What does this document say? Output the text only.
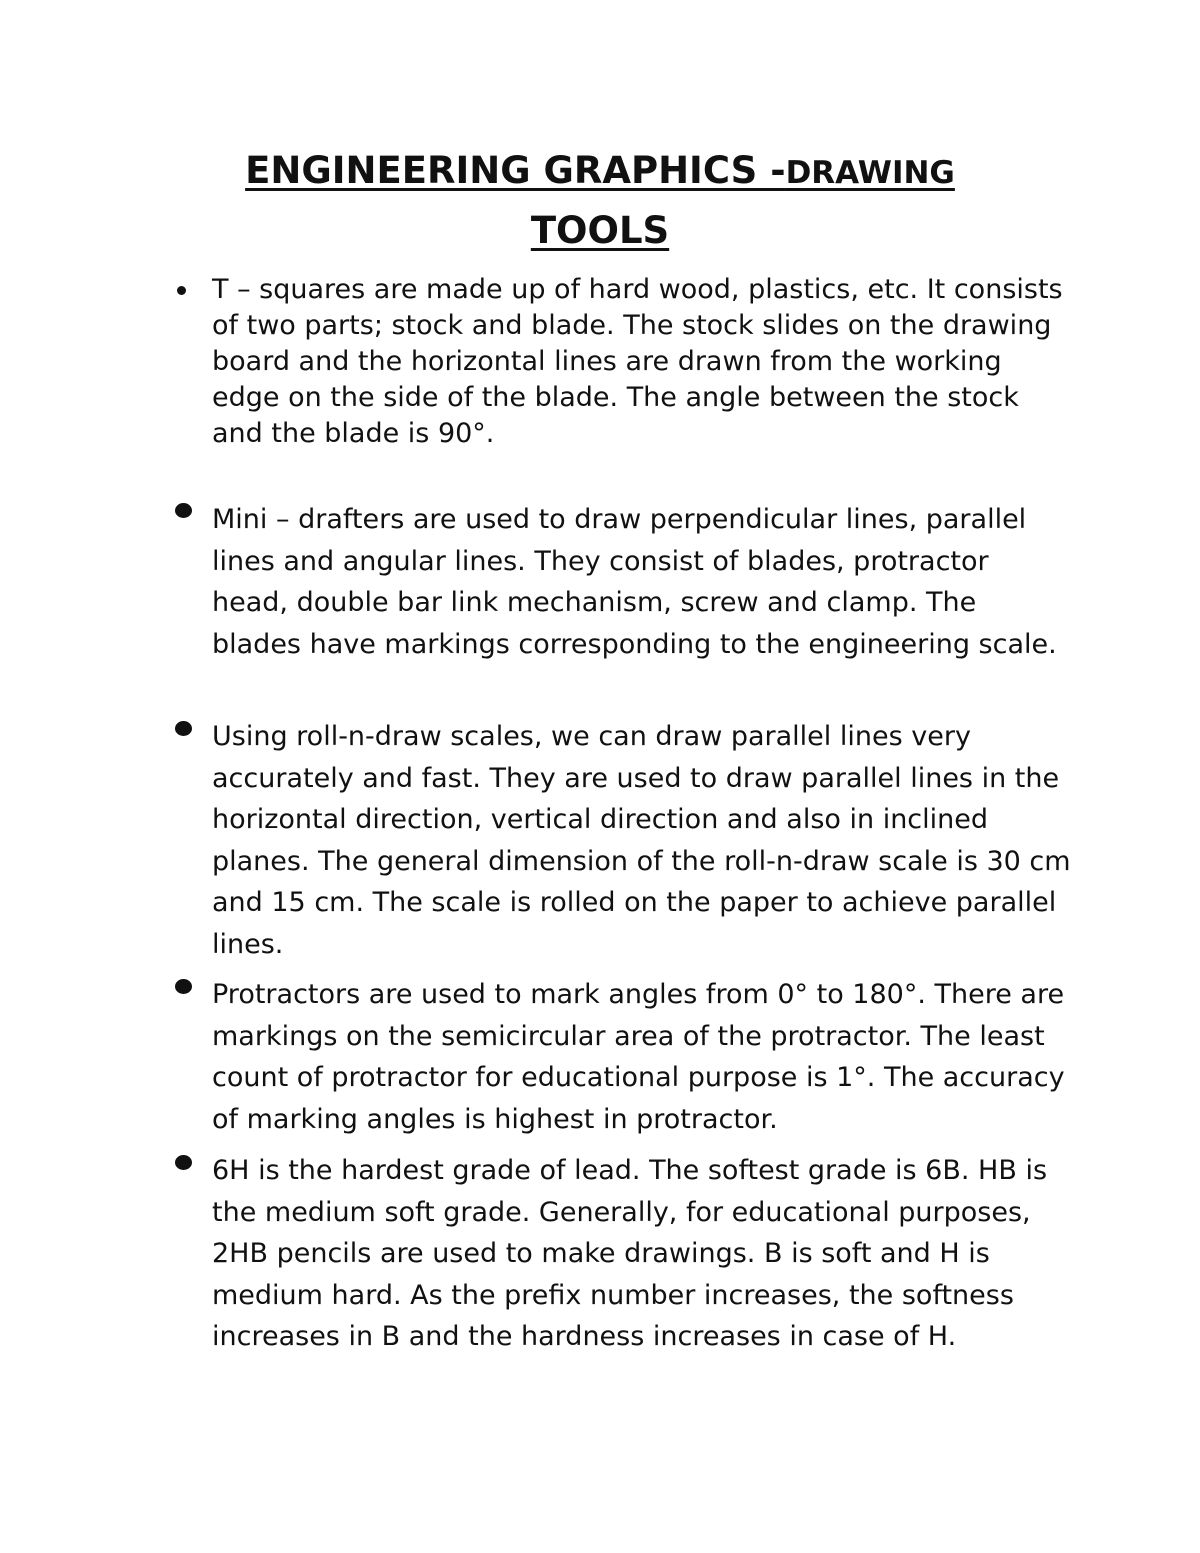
ENGINEERING GRAPHICS -DRAWING
TOOLS

T – squares are made up of hard wood, plastics, etc. It consists of two parts; stock and blade. The stock slides on the drawing board and the horizontal lines are drawn from the working edge on the side of the blade. The angle between the stock and the blade is 90°.

Mini – drafters are used to draw perpendicular lines, parallel lines and angular lines. They consist of blades, protractor head, double bar link mechanism, screw and clamp. The blades have markings corresponding to the engineering scale.

Using roll-n-draw scales, we can draw parallel lines very accurately and fast. They are used to draw parallel lines in the horizontal direction, vertical direction and also in inclined planes. The general dimension of the roll-n-draw scale is 30 cm and 15 cm. The scale is rolled on the paper to achieve parallel lines.

Protractors are used to mark angles from 0° to 180°. There are markings on the semicircular area of the protractor. The least count of protractor for educational purpose is 1°. The accuracy of marking angles is highest in protractor.

6H is the hardest grade of lead. The softest grade is 6B. HB is the medium soft grade. Generally, for educational purposes, 2HB pencils are used to make drawings. B is soft and H is medium hard. As the prefix number increases, the softness increases in B and the hardness increases in case of H.
